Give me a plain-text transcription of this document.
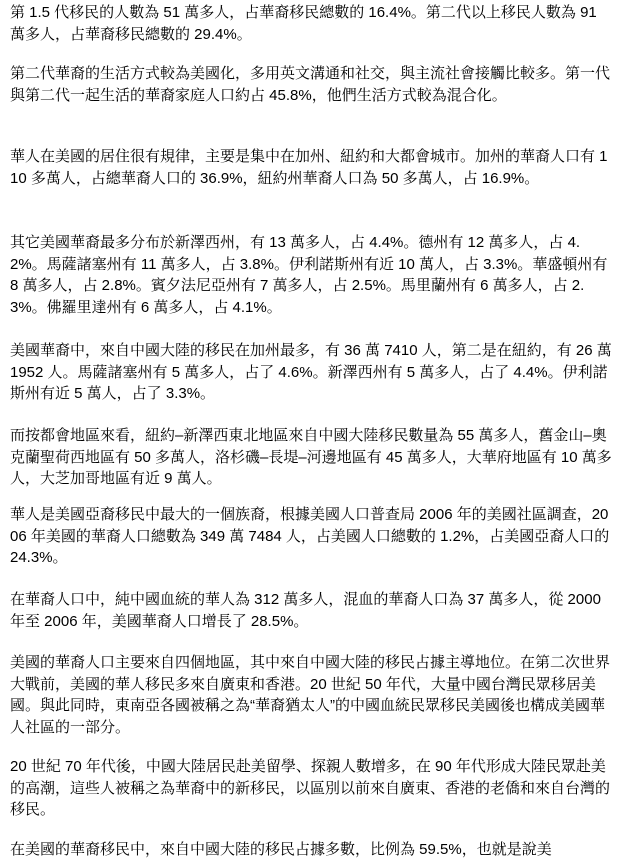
第 1.5 代移民的人數為 51 萬多人，占華裔移民總數的 16.4%。第二代以上移民人數為 91 萬多人，占華裔移民總數的 29.4%。

第二代華裔的生活方式較為美國化，多用英文溝通和社交，與主流社會接觸比較多。第一代與第二代一起生活的華裔家庭人口約占 45.8%，他們生活方式較為混合化。

華人在美國的居住很有規律，主要是集中在加州、紐約和大都會城市。加州的華裔人口有 110 多萬人，占總華裔人口的 36.9%，紐約州華裔人口為 50 多萬人，占 16.9%。

其它美國華裔最多分布於新澤西州，有 13 萬多人，占 4.4%。德州有 12 萬多人，占 4.2%。馬薩諸塞州有 11 萬多人，占 3.8%。伊利諾斯州有近 10 萬人，占 3.3%。華盛頓州有 8 萬多人，占 2.8%。賓夕法尼亞州有 7 萬多人，占 2.5%。馬里蘭州有 6 萬多人，占 2.3%。佛羅里達州有 6 萬多人，占 4.1%。

美國華裔中，來自中國大陸的移民在加州最多，有 36 萬 7410 人，第二是在紐約，有 26 萬 1952 人。馬薩諸塞州有 5 萬多人，占了 4.6%。新澤西州有 5 萬多人，占了 4.4%。伊利諾斯州有近 5 萬人，占了 3.3%。

而按都會地區來看，紐約–新澤西東北地區來自中國大陸移民數量為 55 萬多人，舊金山–奧克蘭聖荷西地區有 50 多萬人，洛杉磯–長堤–河邊地區有 45 萬多人，大華府地區有 10 萬多人，大芝加哥地區有近 9 萬人。

華人是美國亞裔移民中最大的一個族裔，根據美國人口普查局 2006 年的美國社區調查，2006 年美國的華裔人口總數為 349 萬 7484 人，占美國人口總數的 1.2%，占美國亞裔人口的 24.3%。

在華裔人口中，純中國血統的華人為 312 萬多人，混血的華裔人口為 37 萬多人，從 2000 年至 2006 年，美國華裔人口增長了 28.5%。

美國的華裔人口主要來自四個地區，其中來自中國大陸的移民占據主導地位。在第二次世界大戰前，美國的華人移民多來自廣東和香港。20 世紀 50 年代，大量中國台灣民眾移居美國。與此同時，東南亞各國被稱之為“華裔猶太人”的中國血統民眾移民美國後也構成美國華人社區的一部分。

20 世紀 70 年代後，中國大陸居民赴美留學、探親人數增多，在 90 年代形成大陸民眾赴美的高潮，這些人被稱之為華裔中的新移民，以區別以前來自廣東、香港的老僑和來自台灣的移民。

在美國的華裔移民中，來自中國大陸的移民占據多數，比例為 59.5%，也就是說美
